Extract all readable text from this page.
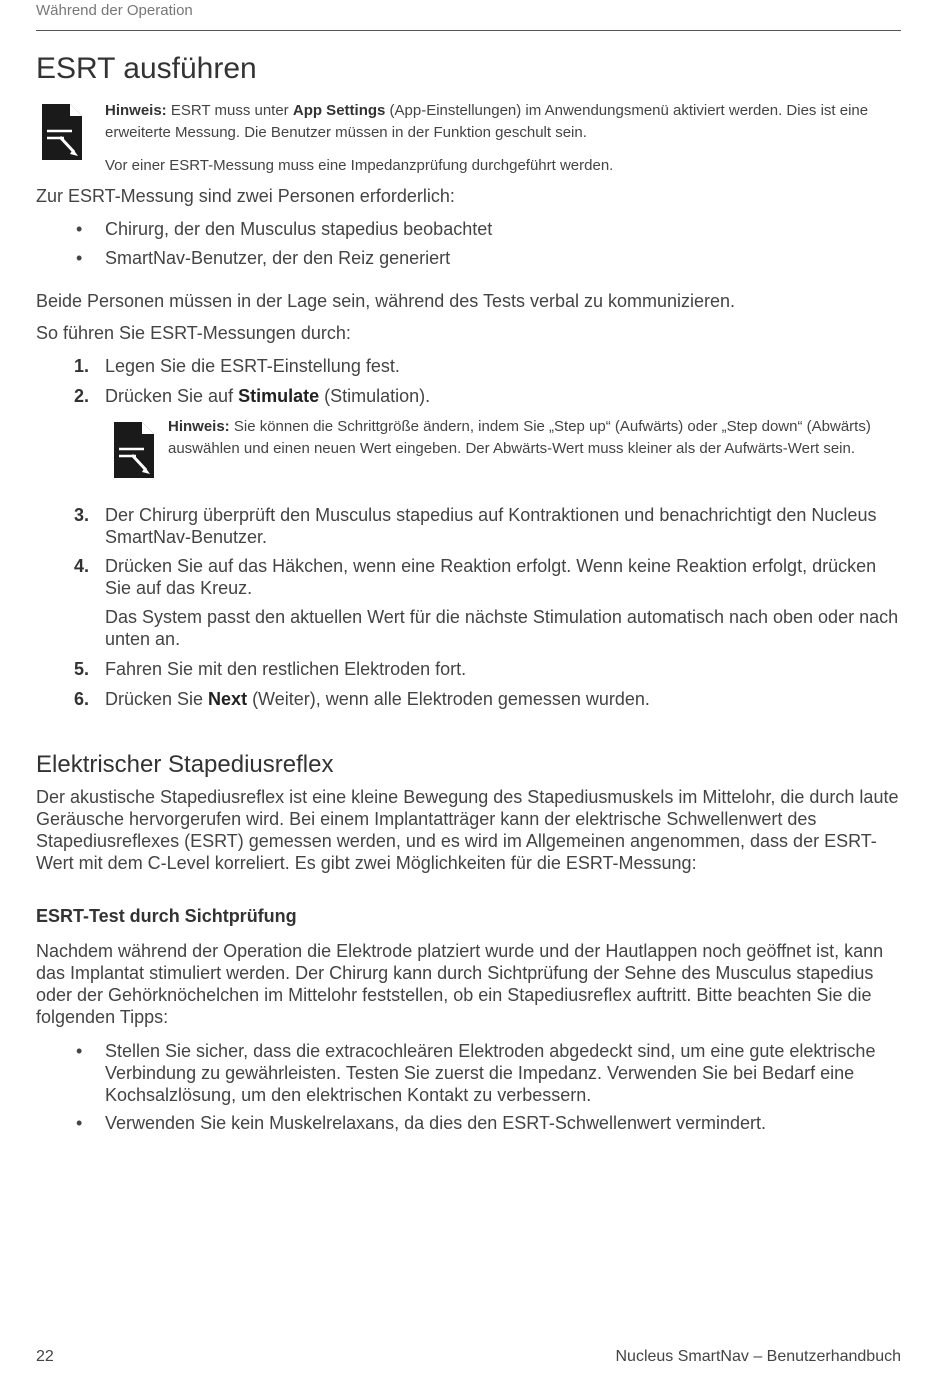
Während der Operation
ESRT ausführen

Hinweis: ESRT muss unter App Settings (App-Einstellungen) im Anwendungsmenü aktiviert werden. Dies ist eine erweiterte Messung. Die Benutzer müssen in der Funktion geschult sein.

Vor einer ESRT-Messung muss eine Impedanzprüfung durchgeführt werden.

Zur ESRT-Messung sind zwei Personen erforderlich:

• Chirurg, der den Musculus stapedius beobachtet
• SmartNav-Benutzer, der den Reiz generiert

Beide Personen müssen in der Lage sein, während des Tests verbal zu kommunizieren.

So führen Sie ESRT-Messungen durch:

1. Legen Sie die ESRT-Einstellung fest.
2. Drücken Sie auf Stimulate (Stimulation).

Hinweis: Sie können die Schrittgröße ändern, indem Sie „Step up“ (Aufwärts) oder „Step down“ (Abwärts) auswählen und einen neuen Wert eingeben. Der Abwärts-Wert muss kleiner als der Aufwärts-Wert sein.

3. Der Chirurg überprüft den Musculus stapedius auf Kontraktionen und benachrichtigt den Nucleus SmartNav-Benutzer.
4. Drücken Sie auf das Häkchen, wenn eine Reaktion erfolgt. Wenn keine Reaktion erfolgt, drücken Sie auf das Kreuz.
Das System passt den aktuellen Wert für die nächste Stimulation automatisch nach oben oder nach unten an.
5. Fahren Sie mit den restlichen Elektroden fort.
6. Drücken Sie Next (Weiter), wenn alle Elektroden gemessen wurden.
Elektrischer Stapediusreflex

Der akustische Stapediusreflex ist eine kleine Bewegung des Stapediusmuskels im Mittelohr, die durch laute Geräusche hervorgerufen wird. Bei einem Implantatträger kann der elektrische Schwellenwert des Stapediusreflexes (ESRT) gemessen werden, und es wird im Allgemeinen angenommen, dass der ESRT-Wert mit dem C-Level korreliert. Es gibt zwei Möglichkeiten für die ESRT-Messung:

ESRT-Test durch Sichtprüfung

Nachdem während der Operation die Elektrode platziert wurde und der Hautlappen noch geöffnet ist, kann das Implantat stimuliert werden. Der Chirurg kann durch Sichtprüfung der Sehne des Musculus stapedius oder der Gehörknöchelchen im Mittelohr feststellen, ob ein Stapediusreflex auftritt. Bitte beachten Sie die folgenden Tipps:

• Stellen Sie sicher, dass die extracochleären Elektroden abgedeckt sind, um eine gute elektrische Verbindung zu gewährleisten. Testen Sie zuerst die Impedanz. Verwenden Sie bei Bedarf eine Kochsalzlösung, um den elektrischen Kontakt zu verbessern.
• Verwenden Sie kein Muskelrelaxans, da dies den ESRT-Schwellenwert vermindert.
22	Nucleus SmartNav – Benutzerhandbuch
